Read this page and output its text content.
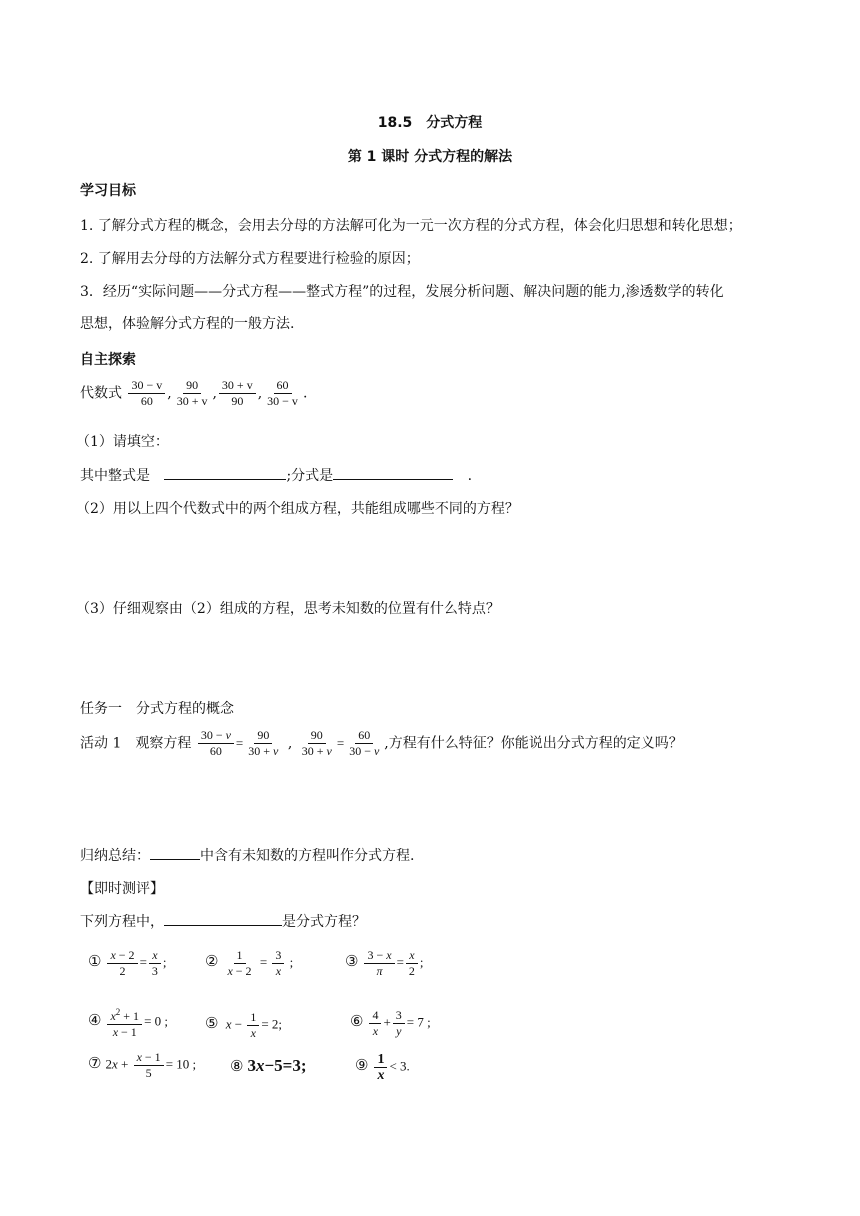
18.5　分式方程
第 1 课时 分式方程的解法
学习目标
1. 了解分式方程的概念，会用去分母的方法解可化为一元一次方程的分式方程，体会化归思想和转化思想；
2. 了解用去分母的方法解分式方程要进行检验的原因；
3．经历“实际问题——分式方程——整式方程”的过程，发展分析问题、解决问题的能力,渗透数学的转化
思想，体验解分式方程的一般方法.
自主探索
代数式 $\frac{30 - v}{60}$ , $\frac{90}{30 + v}$ , $\frac{30 + v}{90}$ , $\frac{60}{30 - v}$ .
（1）请填空：
其中整式是	;分式是	.
（2）用以上四个代数式中的两个组成方程，共能组成哪些不同的方程？
（3）仔细观察由（2）组成的方程，思考未知数的位置有什么特点？
任务一　分式方程的概念
活动 1　观察方程 $\frac{30 - v}{60} = \frac{90}{30 + v}$ , $\frac{90}{30 + v} = \frac{60}{30 - v}$ ,方程有什么特征？你能说出分式方程的定义吗？
归纳总结：	中含有未知数的方程叫作分式方程.
【即时测评】
下列方程中，	是分式方程？
① $\frac{x - 2}{2} = \frac{x}{3}$ ;	② $\frac{1}{x - 2} = \frac{3}{x}$ ;	③ $\frac{3 - x}{\pi} = \frac{x}{2}$ ;
④ $\frac{x^2 + 1}{x - 1} = 0$ ; ⑤ $x - \frac{1}{x} = 2$;	⑥ $\frac{4}{x} + \frac{3}{y} = 7$ ;
⑦ $2x + \frac{x - 1}{5} = 10$ ; ⑧ 3x−5=3;	⑨ $\frac{1}{x} < 3$.
